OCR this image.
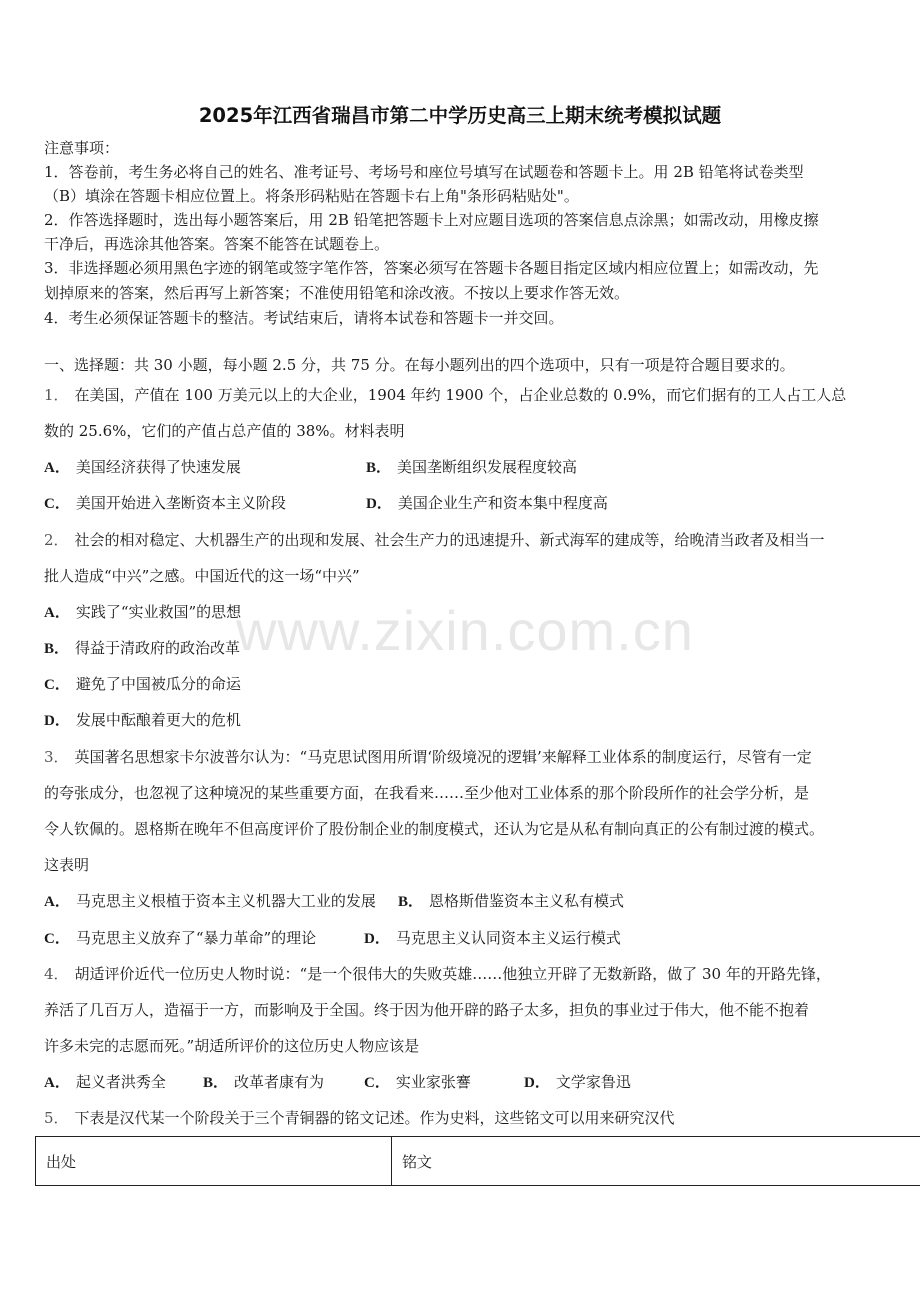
2025年江西省瑞昌市第二中学历史高三上期末统考模拟试题
注意事项：
1．答卷前，考生务必将自己的姓名、准考证号、考场号和座位号填写在试题卷和答题卡上。用 2B 铅笔将试卷类型
（B）填涂在答题卡相应位置上。将条形码粘贴在答题卡右上角"条形码粘贴处"。
2．作答选择题时，选出每小题答案后，用 2B 铅笔把答题卡上对应题目选项的答案信息点涂黑；如需改动，用橡皮擦
干净后，再选涂其他答案。答案不能答在试题卷上。
3．非选择题必须用黑色字迹的钢笔或签字笔作答，答案必须写在答题卡各题目指定区域内相应位置上；如需改动，先
划掉原来的答案，然后再写上新答案；不准使用铅笔和涂改液。不按以上要求作答无效。
4．考生必须保证答题卡的整洁。考试结束后，请将本试卷和答题卡一并交回。
一、选择题：共 30 小题，每小题 2.5 分，共 75 分。在每小题列出的四个选项中，只有一项是符合题目要求的。
1． 在美国，产值在 100 万美元以上的大企业，1904 年约 1900 个，占企业总数的 0.9%，而它们据有的工人占工人总
数的 25.6%，它们的产值占总产值的 38%。材料表明
A． 美国经济获得了快速发展	B． 美国垄断组织发展程度较高
C． 美国开始进入垄断资本主义阶段	D． 美国企业生产和资本集中程度高
2． 社会的相对稳定、大机器生产的出现和发展、社会生产力的迅速提升、新式海军的建成等，给晚清当政者及相当一
批人造成“中兴”之感。中国近代的这一场“中兴”
A． 实践了“实业救国”的思想
B． 得益于清政府的政治改革
C． 避免了中国被瓜分的命运
D． 发展中酝酿着更大的危机
www.zixin.com.cn
3． 英国著名思想家卡尔波普尔认为：“马克思试图用所谓‘阶级境况的逻辑’来解释工业体系的制度运行，尽管有一定
的夸张成分，也忽视了这种境况的某些重要方面，在我看来……至少他对工业体系的那个阶段所作的社会学分析，是
令人钦佩的。恩格斯在晚年不但高度评价了股份制企业的制度模式，还认为它是从私有制向真正的公有制过渡的模式。
这表明
A． 马克思主义根植于资本主义机器大工业的发展 B． 恩格斯借鉴资本主义私有模式
C． 马克思主义放弃了“暴力革命”的理论	D． 马克思主义认同资本主义运行模式
4． 胡适评价近代一位历史人物时说：“是一个很伟大的失败英雄……他独立开辟了无数新路，做了 30 年的开路先锋，
养活了几百万人，造福于一方，而影响及于全国。终于因为他开辟的路子太多，担负的事业过于伟大，他不能不抱着
许多未完的志愿而死。”胡适所评价的这位历史人物应该是
A． 起义者洪秀全 B． 改革者康有为	C． 实业家张謇	D． 文学家鲁迅
5． 下表是汉代某一个阶段关于三个青铜器的铭文记述。作为史料，这些铭文可以用来研究汉代
出处	铭文
